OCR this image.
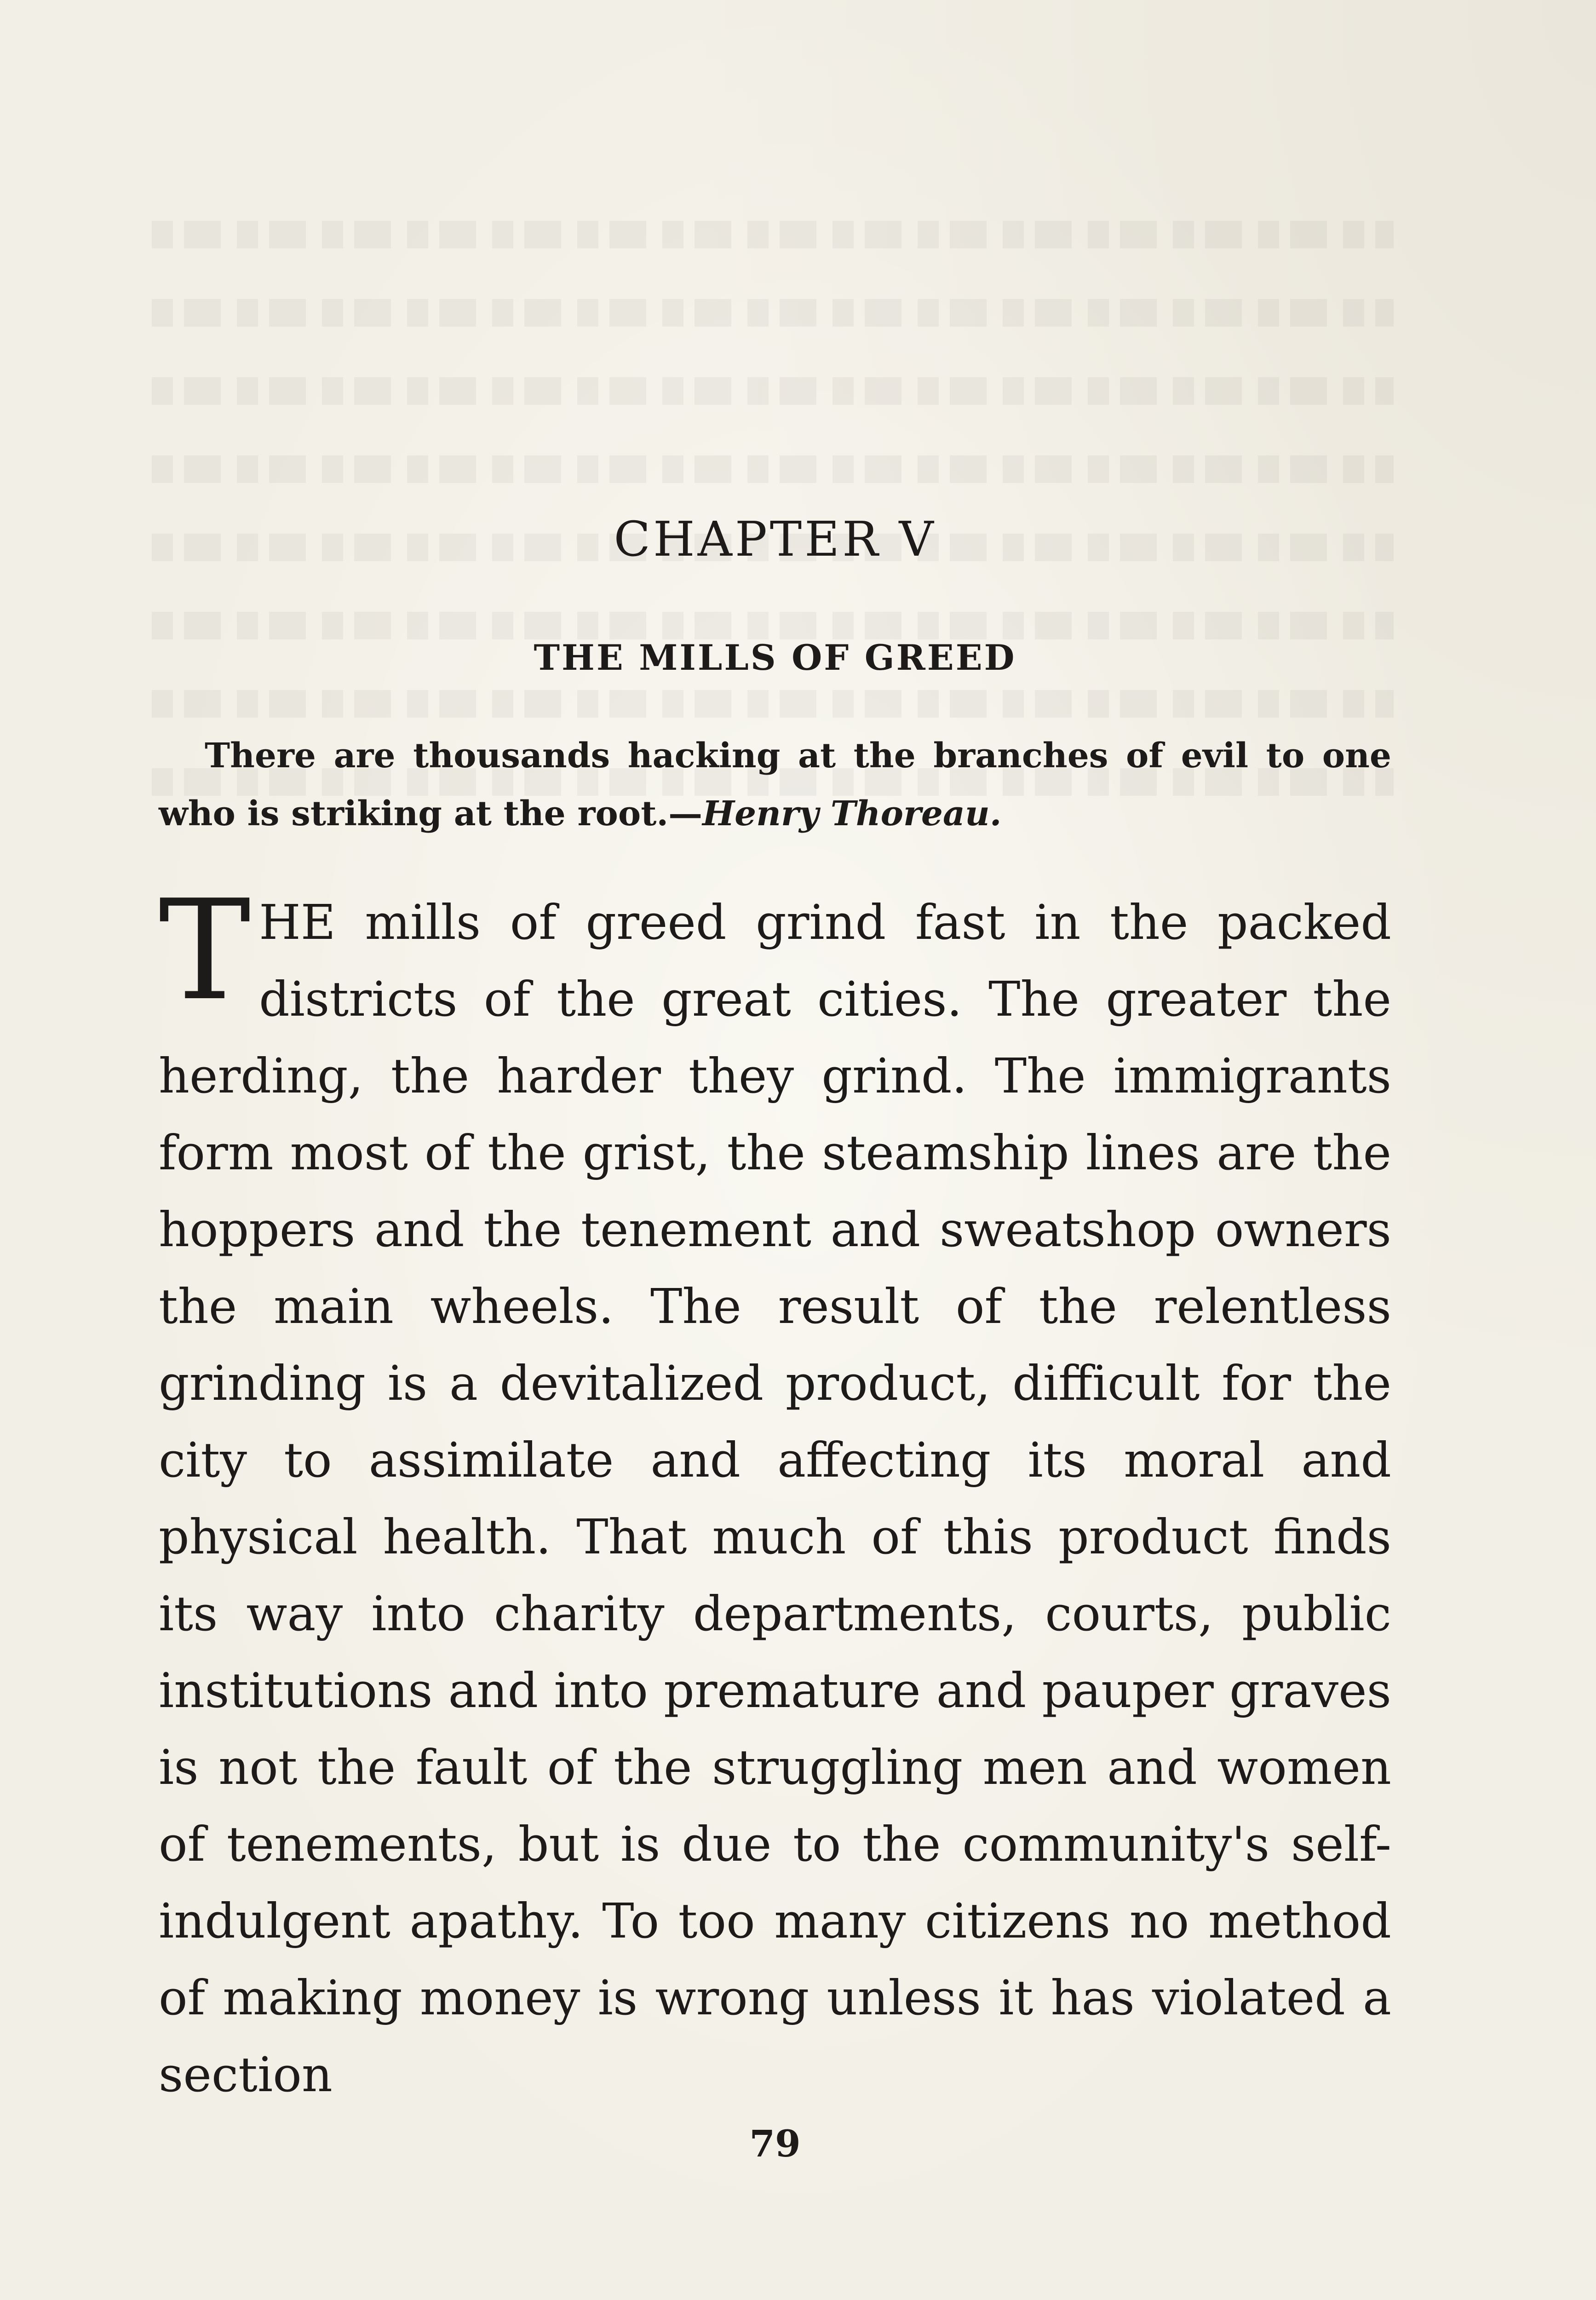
CHAPTER V
THE MILLS OF GREED
There are thousands hacking at the branches of evil to one who is striking at the root.—Henry Thoreau.
THE mills of greed grind fast in the packed districts of the great cities. The greater the herding, the harder they grind. The immigrants form most of the grist, the steamship lines are the hoppers and the tenement and sweatshop owners the main wheels. The result of the relentless grinding is a devitalized product, difficult for the city to assimilate and affecting its moral and physical health. That much of this product finds its way into charity departments, courts, public institutions and into premature and pauper graves is not the fault of the struggling men and women of tenements, but is due to the community's self-indulgent apathy. To too many citizens no method of making money is wrong unless it has violated a section
79
